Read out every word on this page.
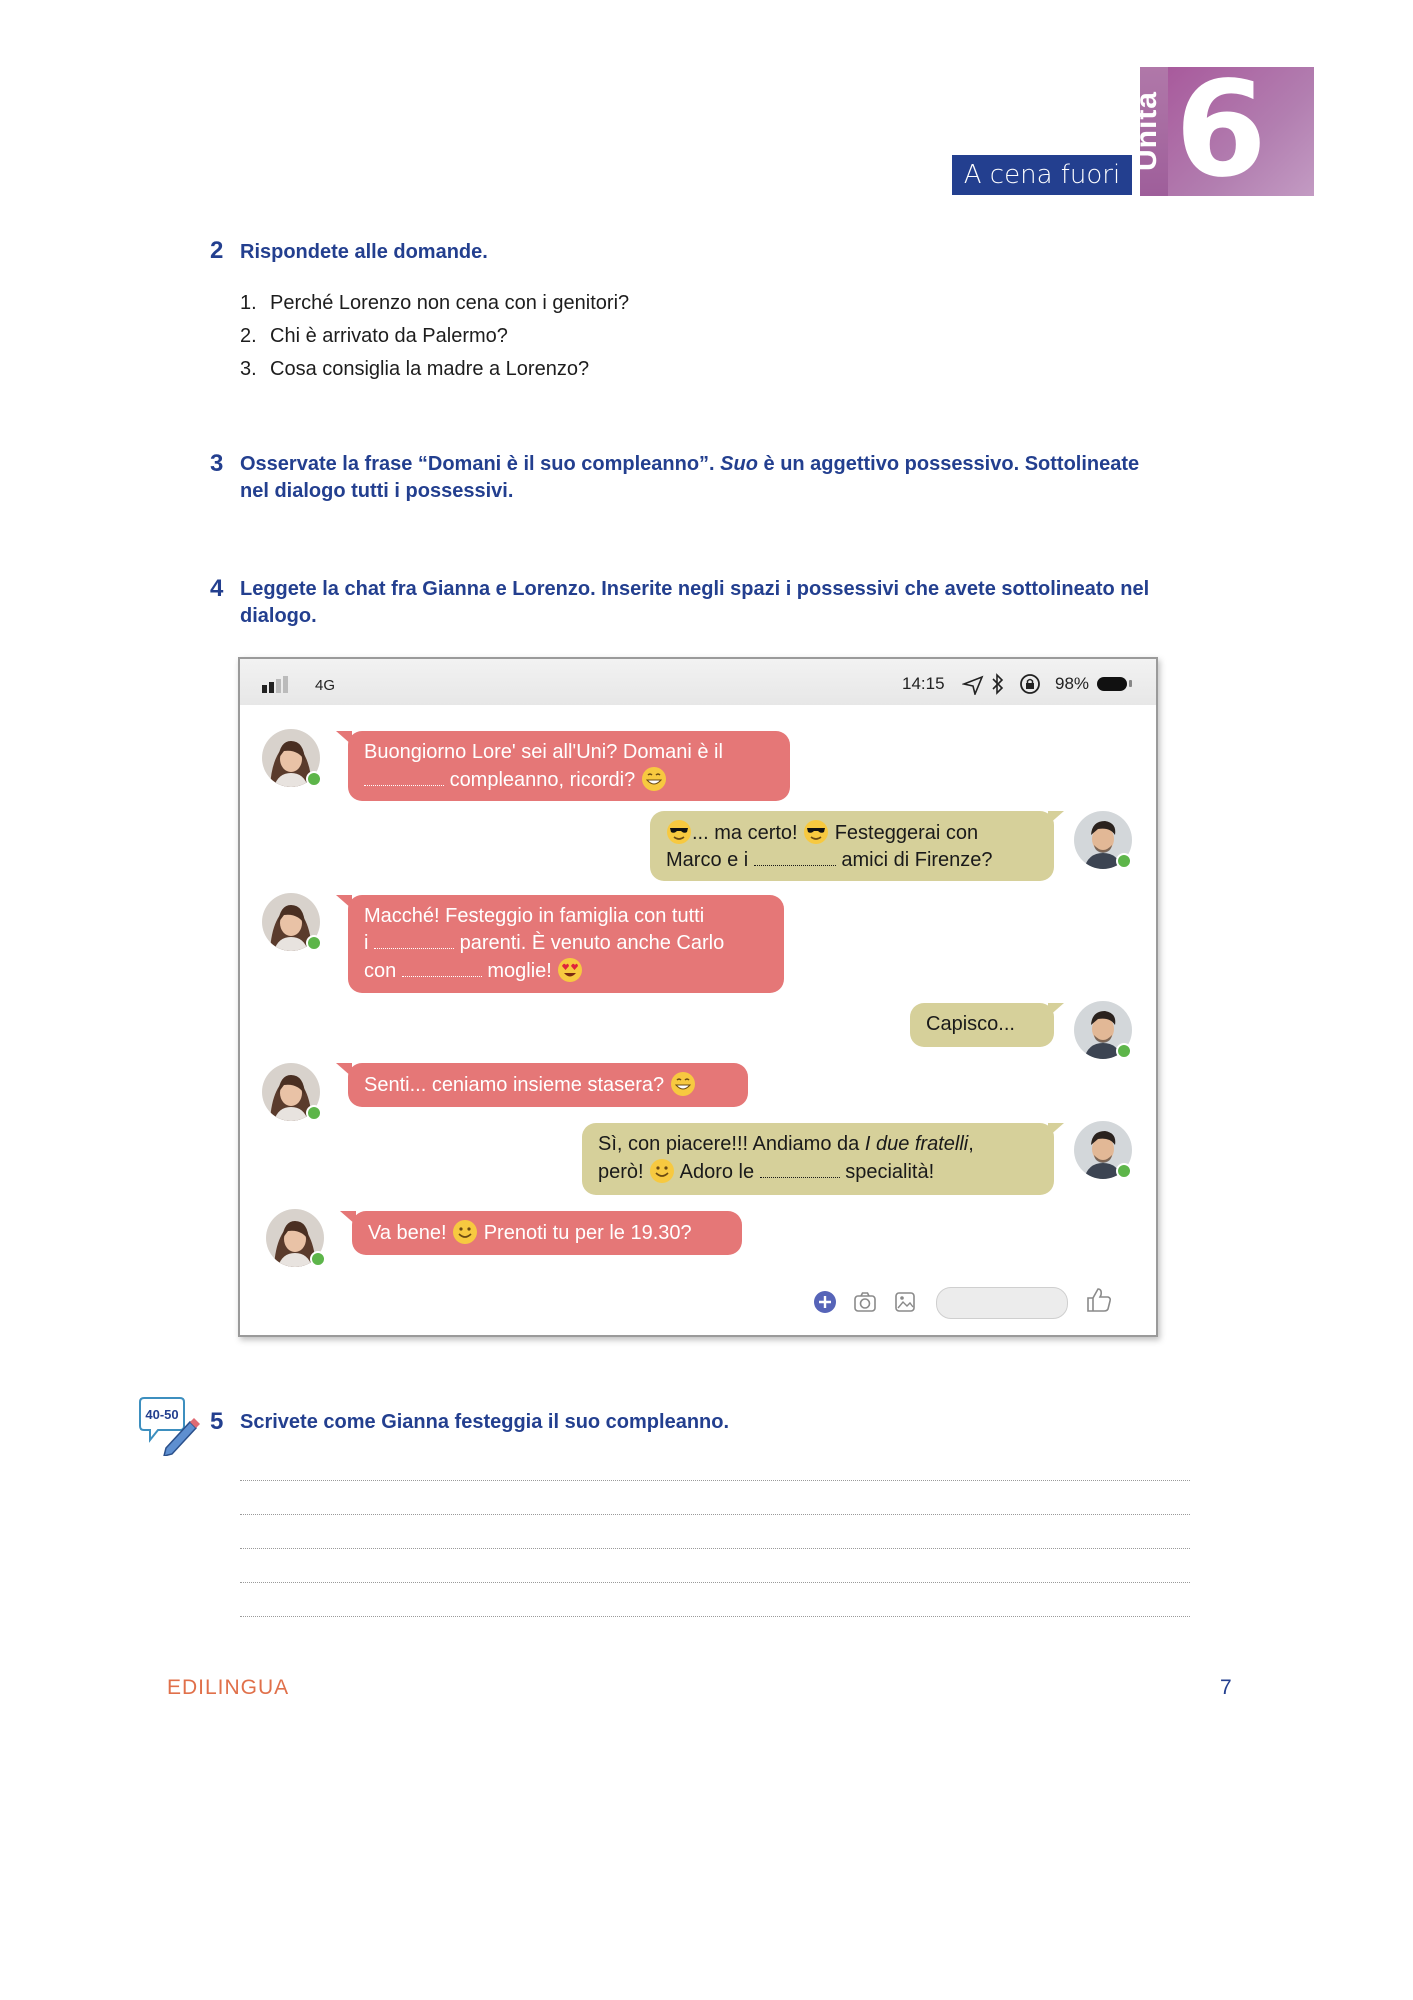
A cena fuori
Unità 6
2 Rispondete alle domande.
1. Perché Lorenzo non cena con i genitori?
2. Chi è arrivato da Palermo?
3. Cosa consiglia la madre a Lorenzo?
3 Osservate la frase “Domani è il suo compleanno”. Suo è un aggettivo possessivo. Sottolineate
nel dialogo tutti i possessivi.
4 Leggete la chat fra Gianna e Lorenzo. Inserite negli spazi i possessivi che avete sottolineato nel
dialogo.
4G	14:15	98%
Buongiorno Lore' sei all'Uni? Domani è il
compleanno, ricordi?
... ma certo! Festeggerai con
Marco e i	amici di Firenze?
Macché! Festeggio in famiglia con tutti
i	parenti. È venuto anche Carlo
con	moglie!
Capisco...
Senti... ceniamo insieme stasera?
Sì, con piacere!!! Andiamo da I due fratelli,
però! Adoro le	specialità!
Va bene! Prenoti tu per le 19.30?
40-50 5 Scrivete come Gianna festeggia il suo compleanno.
EDILINGUA	7
